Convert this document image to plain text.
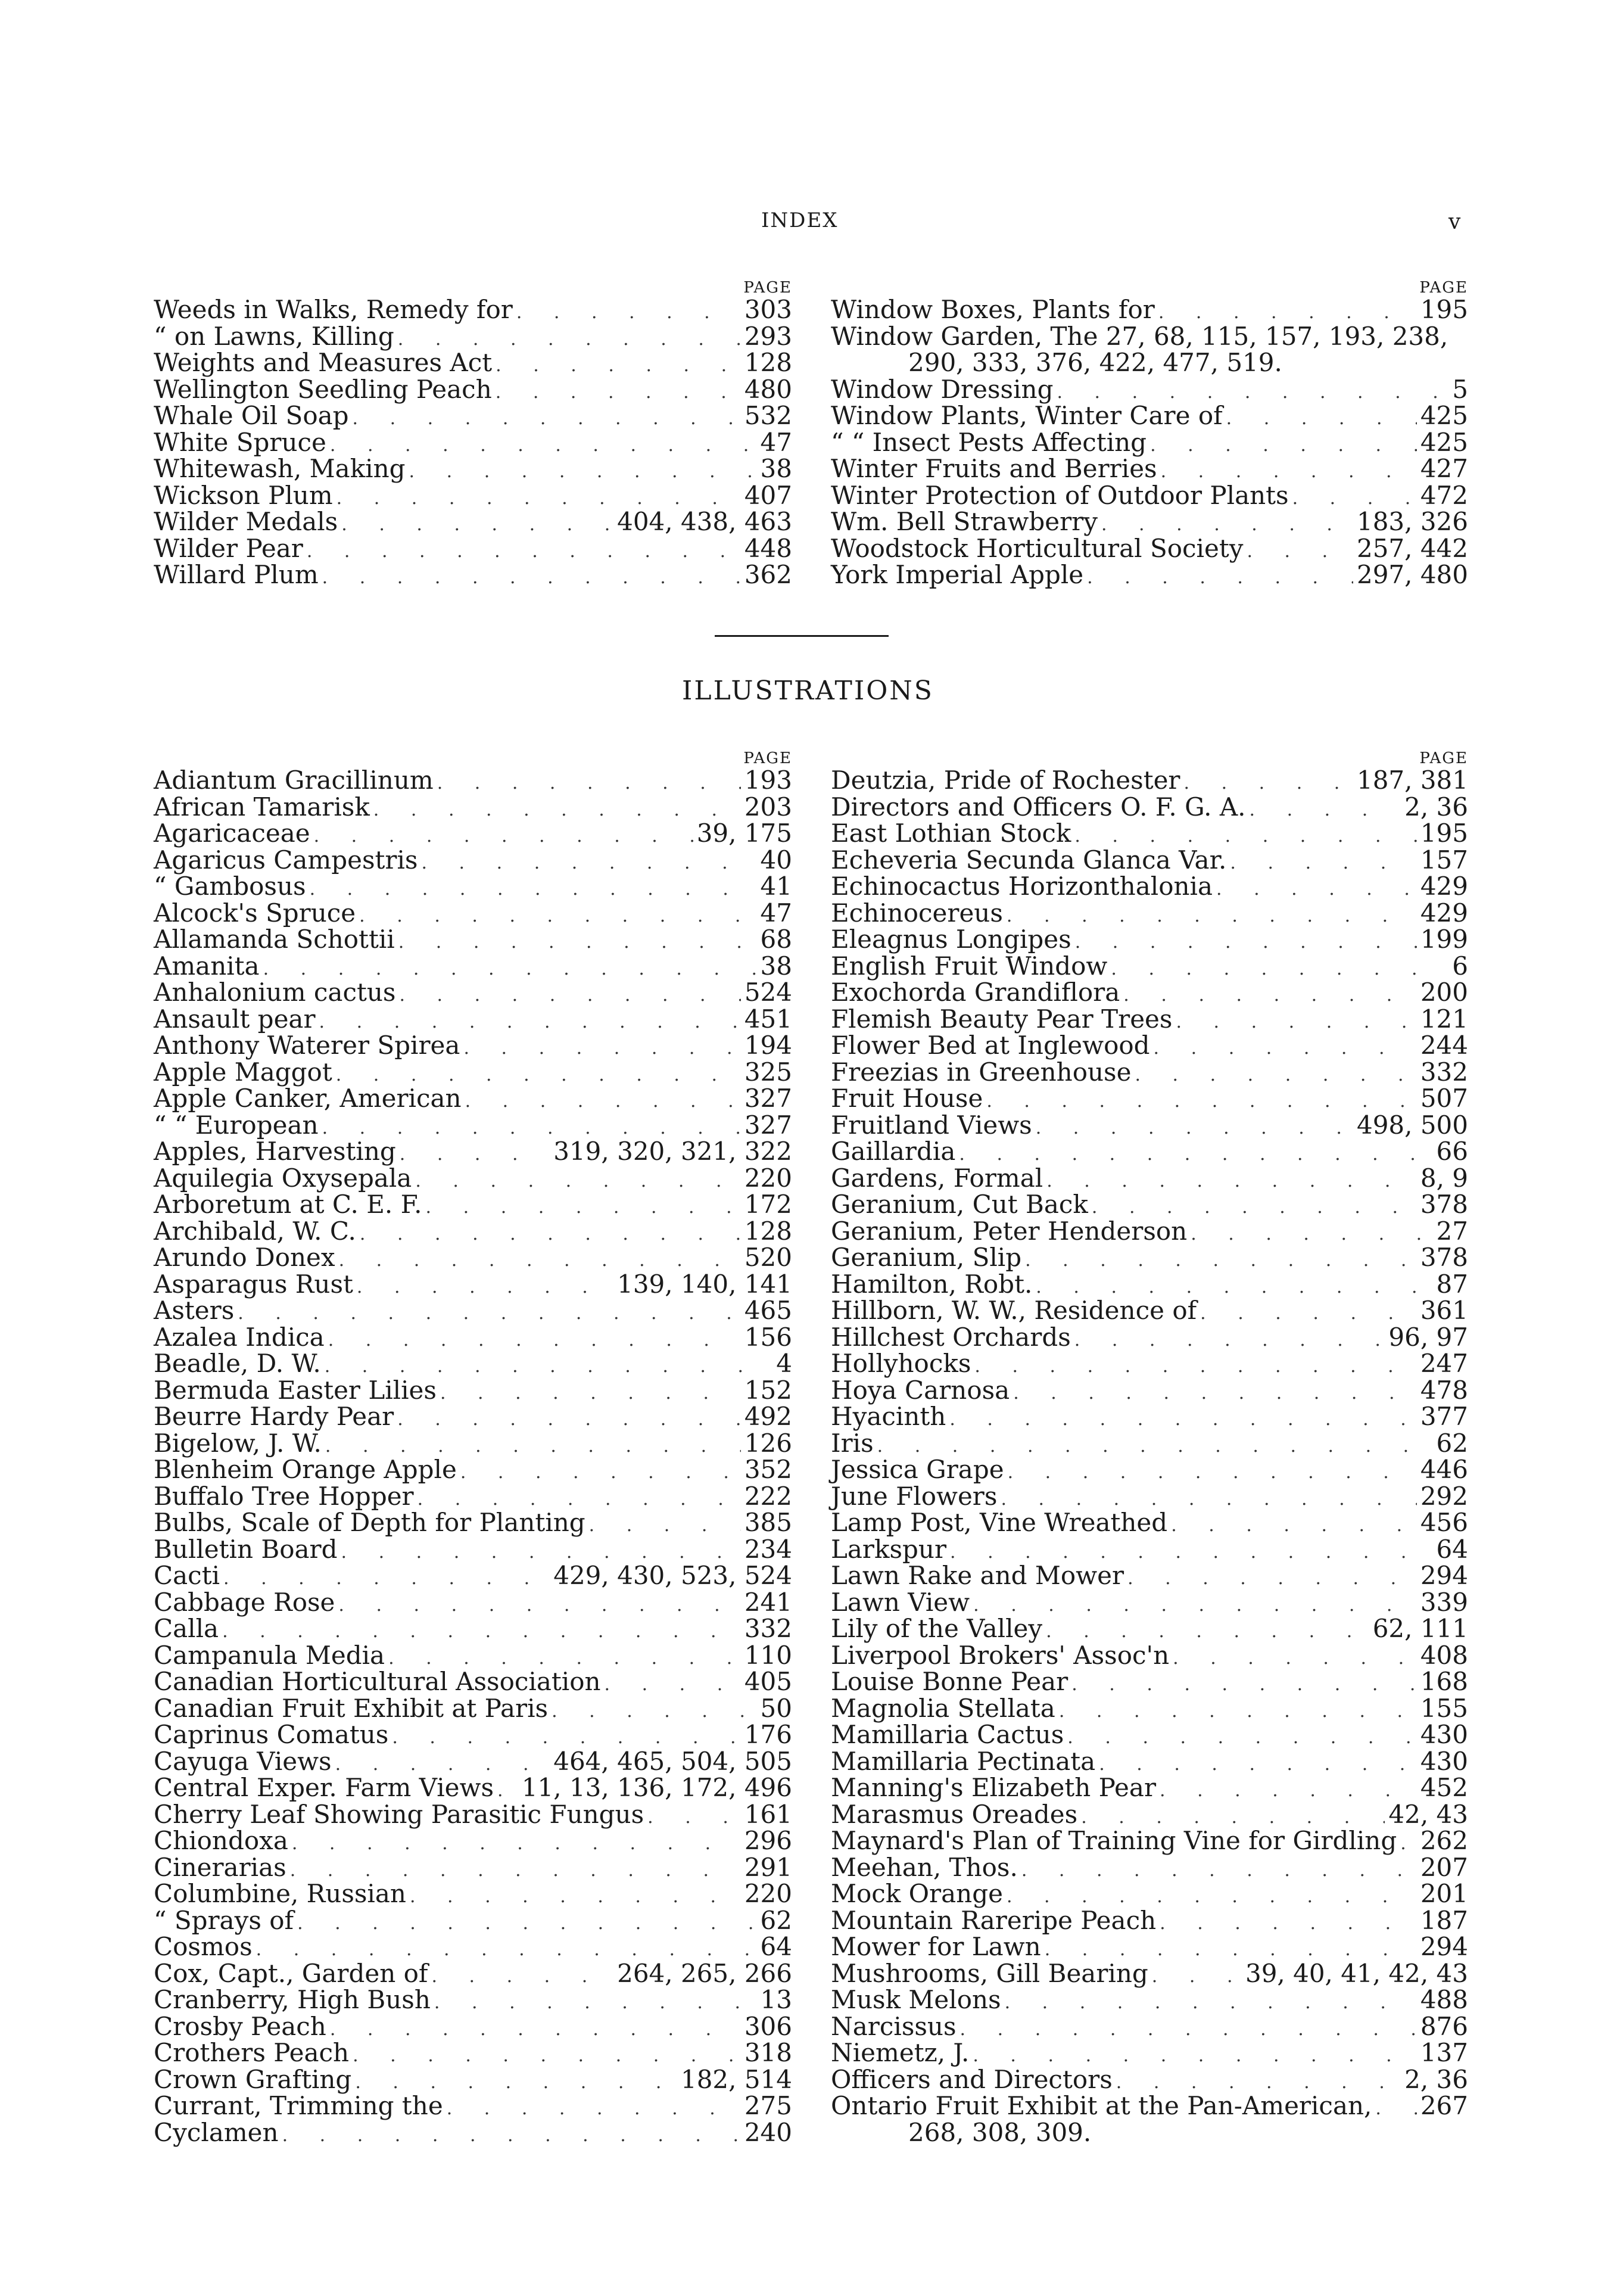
INDEX	v
PAGE
Weeds in Walks, Remedy for . . .	303
“ on Lawns, Killing . . .	293
Weights and Measures Act . . .	128
Wellington Seedling Peach . . .	480
Whale Oil Soap . . .	532
White Spruce . . .	47
Whitewash, Making . . .	38
Wickson Plum . . .	407
Wilder Medals . . .	404, 438, 463
Wilder Pear . . .	448
Willard Plum . . .	362
PAGE
Window Boxes, Plants for . . .	195
Window Garden, The 27, 68, 115, 157, 193, 238,
290, 333, 376, 422, 477, 519.
Window Dressing . . .	5
Window Plants, Winter Care of . . .	425
“ “ Insect Pests Affecting . . .	425
Winter Fruits and Berries . . .	427
Winter Protection of Outdoor Plants . . .	472
Wm. Bell Strawberry . . .	183, 326
Woodstock Horticultural Society . . .	257, 442
York Imperial Apple . . .	297, 480
ILLUSTRATIONS
PAGE
Adiantum Gracillinum . . .	193
African Tamarisk . . .	203
Agaricaceae . . .	39, 175
Agaricus Campestris . . .	40
“ Gambosus . . .	41
Alcock's Spruce . . .	47
Allamanda Schottii . . .	68
Amanita . . .	38
Anhalonium cactus . . .	524
Ansault pear . . .	451
Anthony Waterer Spirea . . .	194
Apple Maggot . . .	325
Apple Canker, American . . .	327
“ “ European . . .	327
Apples, Harvesting . . .	319, 320, 321, 322
Aquilegia Oxysepala . . .	220
Arboretum at C. E. F. . . .	172
Archibald, W. C. . . .	128
Arundo Donex . . .	520
Asparagus Rust . . .	139, 140, 141
Asters . . .	465
Azalea Indica . . .	156
Beadle, D. W. . . .	4
Bermuda Easter Lilies . . .	152
Beurre Hardy Pear . . .	492
Bigelow, J. W. . . .	126
Blenheim Orange Apple . . .	352
Buffalo Tree Hopper . . .	222
Bulbs, Scale of Depth for Planting . . .	385
Bulletin Board . . .	234
Cacti . . .	429, 430, 523, 524
Cabbage Rose . . .	241
Calla . . .	332
Campanula Media . . .	110
Canadian Horticultural Association . . .	405
Canadian Fruit Exhibit at Paris . . .	50
Caprinus Comatus . . .	176
Cayuga Views . . .	464, 465, 504, 505
Central Exper. Farm Views . . . 11, 13, 136, 172, 496
Cherry Leaf Showing Parasitic Fungus . . .	161
Chiondoxa . . .	296
Cinerarias . . .	291
Columbine, Russian . . .	220
“ Sprays of . . .	62
Cosmos . . .	64
Cox, Capt., Garden of . . .	264, 265, 266
Cranberry, High Bush . . .	13
Crosby Peach . . .	306
Crothers Peach . . .	318
Crown Grafting . . .	182, 514
Currant, Trimming the . . .	275
Cyclamen . . .	240
PAGE
Deutzia, Pride of Rochester . . .	187, 381
Directors and Officers O. F. G. A. . . .	2, 36
East Lothian Stock . . .	195
Echeveria Secunda Glanca Var. . . .	157
Echinocactus Horizonthalonia . . .	429
Echinocereus . . .	429
Eleagnus Longipes . . .	199
English Fruit Window . . .	6
Exochorda Grandiflora . . .	200
Flemish Beauty Pear Trees . . .	121
Flower Bed at Inglewood . . .	244
Freezias in Greenhouse . . .	332
Fruit House . . .	507
Fruitland Views . . .	498, 500
Gaillardia . . .	66
Gardens, Formal . . .	8, 9
Geranium, Cut Back . . .	378
Geranium, Peter Henderson . . .	27
Geranium, Slip . . .	378
Hamilton, Robt. . . .	87
Hillborn, W. W., Residence of . . .	361
Hillchest Orchards . . .	96, 97
Hollyhocks . . .	247
Hoya Carnosa . . .	478
Hyacinth . . .	377
Iris . . .	62
Jessica Grape . . .	446
June Flowers . . .	292
Lamp Post, Vine Wreathed . . .	456
Larkspur . . .	64
Lawn Rake and Mower . . .	294
Lawn View . . .	339
Lily of the Valley . . .	62, 111
Liverpool Brokers' Assoc'n . . .	408
Louise Bonne Pear . . .	168
Magnolia Stellata . . .	155
Mamillaria Cactus . . .	430
Mamillaria Pectinata . . .	430
Manning's Elizabeth Pear . . .	452
Marasmus Oreades . . .	42, 43
Maynard's Plan of Training Vine for Girdling . . . 262
Meehan, Thos. . . .	207
Mock Orange . . .	201
Mountain Rareripe Peach . . .	187
Mower for Lawn . . .	294
Mushrooms, Gill Bearing . . .	39, 40, 41, 42, 43
Musk Melons . . .	488
Narcissus . . .	876
Niemetz, J. . . .	137
Officers and Directors . . .	2, 36
Ontario Fruit Exhibit at the Pan-American, . . . 267
268, 308, 309.
